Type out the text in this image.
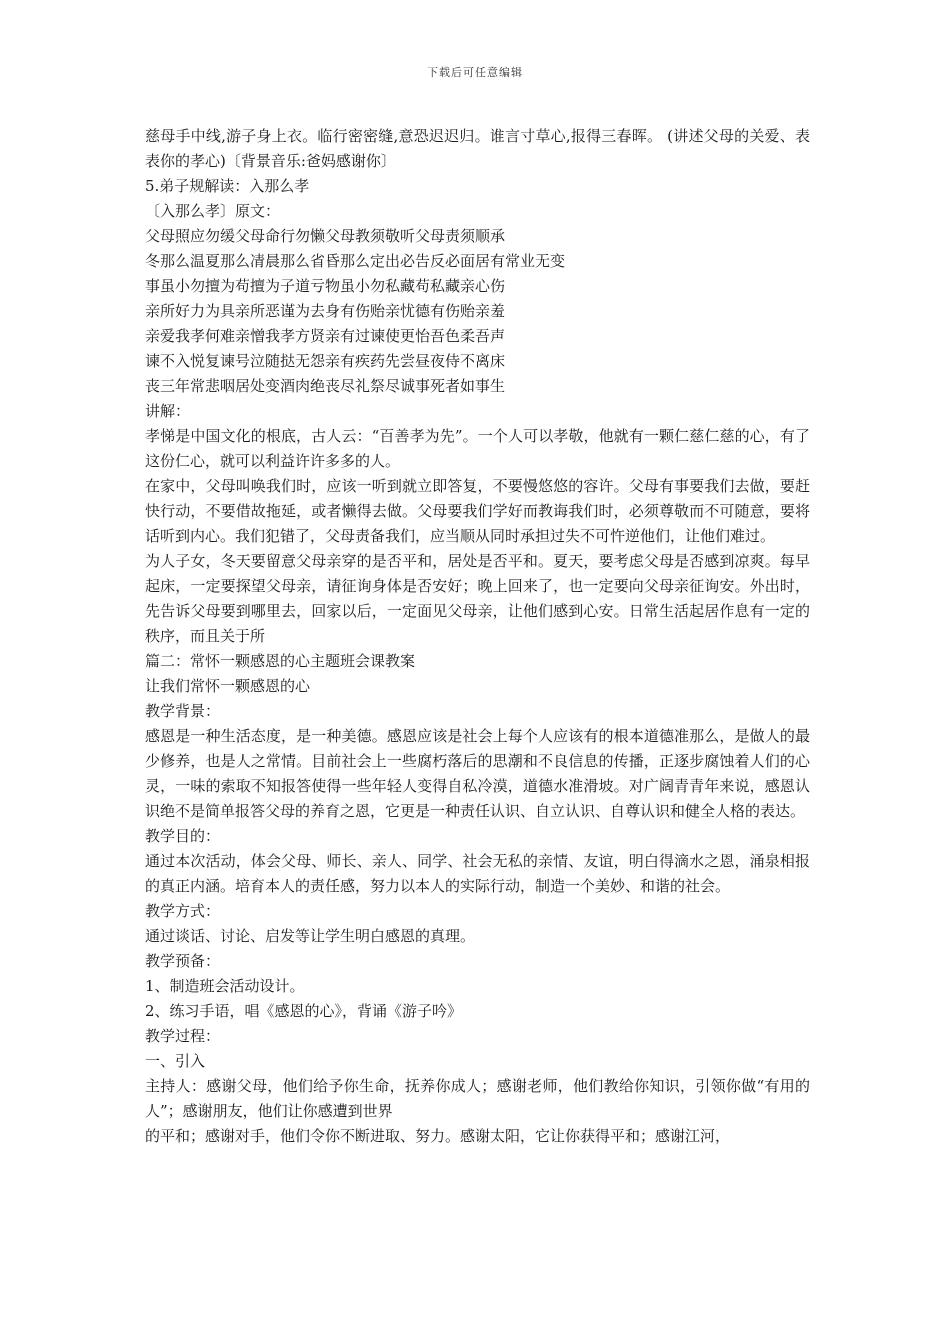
下载后可任意编辑

慈母手中线,游子身上衣。临行密密缝,意恐迟迟归。谁言寸草心,报得三春晖。 (讲述父母的关爱、表表你的孝心)〔背景音乐:爸妈感谢你〕

5.弟子规解读：入那么孝

〔入那么孝〕原文：

父母照应勿缓父母命行勿懒父母教须敬听父母责须顺承

冬那么温夏那么凊晨那么省昏那么定出必告反必面居有常业无变

事虽小勿擅为苟擅为子道亏物虽小勿私藏苟私藏亲心伤

亲所好力为具亲所恶谨为去身有伤贻亲忧德有伤贻亲羞

亲爱我孝何难亲憎我孝方贤亲有过谏使更怡吾色柔吾声

谏不入悦复谏号泣随挞无怨亲有疾药先尝昼夜侍不离床

丧三年常悲咽居处变酒肉绝丧尽礼祭尽诚事死者如事生

讲解：

孝悌是中国文化的根底，古人云：“百善孝为先”。一个人可以孝敬，他就有一颗仁慈仁慈的心，有了这份仁心，就可以利益许许多多的人。

在家中，父母叫唤我们时，应该一听到就立即答复，不要慢悠悠的容许。父母有事要我们去做，要赶快行动，不要借故拖延，或者懒得去做。父母要我们学好而教诲我们时，必须尊敬而不可随意，要将话听到内心。我们犯错了，父母责备我们，应当顺从同时承担过失不可忤逆他们，让他们难过。

为人子女，冬天要留意父母亲穿的是否平和，居处是否平和。夏天，要考虑父母是否感到凉爽。每早起床，一定要探望父母亲，请征询身体是否安好；晚上回来了，也一定要向父母亲征询安。外出时，先告诉父母要到哪里去，回家以后，一定面见父母亲，让他们感到心安。日常生活起居作息有一定的秩序，而且关于所

篇二：常怀一颗感恩的心主题班会课教案

让我们常怀一颗感恩的心

教学背景：

感恩是一种生活态度，是一种美德。感恩应该是社会上每个人应该有的根本道德准那么，是做人的最少修养，也是人之常情。目前社会上一些腐朽落后的思潮和不良信息的传播，正逐步腐蚀着人们的心灵，一味的索取不知报答使得一些年轻人变得自私冷漠，道德水准滑坡。对广阔青青年来说，感恩认识绝不是简单报答父母的养育之恩，它更是一种责任认识、自立认识、自尊认识和健全人格的表达。

教学目的：

通过本次活动，体会父母、师长、亲人、同学、社会无私的亲情、友谊，明白得滴水之恩，涌泉相报的真正内涵。培育本人的责任感，努力以本人的实际行动，制造一个美妙、和谐的社会。

教学方式：

通过谈话、讨论、启发等让学生明白感恩的真理。

教学预备：

1、制造班会活动设计。

2、练习手语，唱《感恩的心》，背诵《游子吟》

教学过程：

一、引入

主持人：感谢父母，他们给予你生命，抚养你成人；感谢老师，他们教给你知识，引领你做“有用的人”；感谢朋友，他们让你感遭到世界

的平和；感谢对手，他们令你不断进取、努力。感谢太阳，它让你获得平和；感谢江河，
